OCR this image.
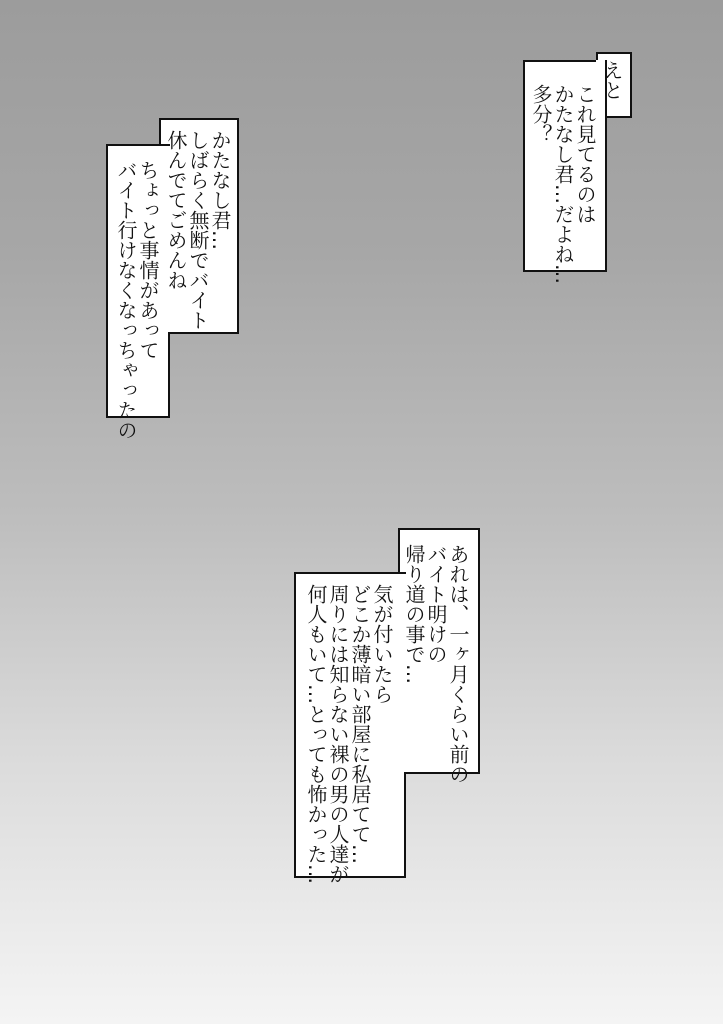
えと
これ見てるのは
かたなし君…だよね…
多分？
かたなし君…
しばらく無断でバイト
休んでてごめんね
ちょっと事情があって
バイト行けなくなっちゃったの
あれは、一ヶ月くらい前の
バイト明けの
帰り道の事で…
気が付いたら
どこか薄暗い部屋に私居てて…
周りには知らない裸の男の人達が
何人もいて…とっても怖かった…
